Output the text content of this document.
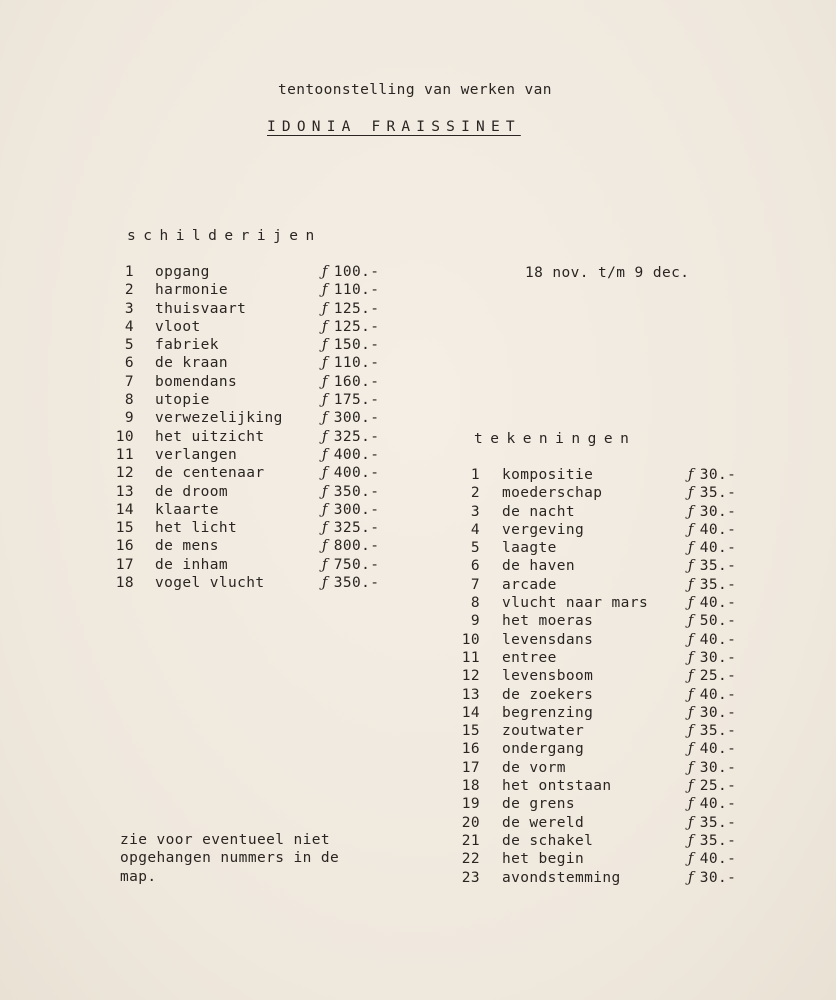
tentoonstelling van werken van
IDONIA FRAISSINET
schilderijen
18 nov. t/m 9 dec.
1 opgang	ƒ 100.-
2 harmonie	ƒ 110.-
3 thuisvaart	ƒ 125.-
4 vloot	ƒ 125.-
5 fabriek	ƒ 150.-
6 de kraan	ƒ 110.-
7 bomendans	ƒ 160.-
8 utopie	ƒ 175.-
9 verwezelijking	ƒ 300.-
10 het uitzicht	ƒ 325.-
11 verlangen	ƒ 400.-
12 de centenaar	ƒ 400.-
13 de droom	ƒ 350.-
14 klaarte	ƒ 300.-
15 het licht	ƒ 325.-
16 de mens	ƒ 800.-
17 de inham	ƒ 750.-
18 vogel vlucht	ƒ 350.-
tekeningen
1 kompositie	ƒ 30.-
2 moederschap	ƒ 35.-
3 de nacht	ƒ 30.-
4 vergeving	ƒ 40.-
5 laagte	ƒ 40.-
6 de haven	ƒ 35.-
7 arcade	ƒ 35.-
8 vlucht naar mars	ƒ 40.-
9 het moeras	ƒ 50.-
10 levensdans	ƒ 40.-
11 entree	ƒ 30.-
12 levensboom	ƒ 25.-
13 de zoekers	ƒ 40.-
14 begrenzing	ƒ 30.-
15 zoutwater	ƒ 35.-
16 ondergang	ƒ 40.-
17 de vorm	ƒ 30.-
18 het ontstaan	ƒ 25.-
19 de grens	ƒ 40.-
20 de wereld	ƒ 35.-
21 de schakel	ƒ 35.-
22 het begin	ƒ 40.-
23 avondstemming	ƒ 30.-
zie voor eventueel niet
opgehangen nummers in de
map.
